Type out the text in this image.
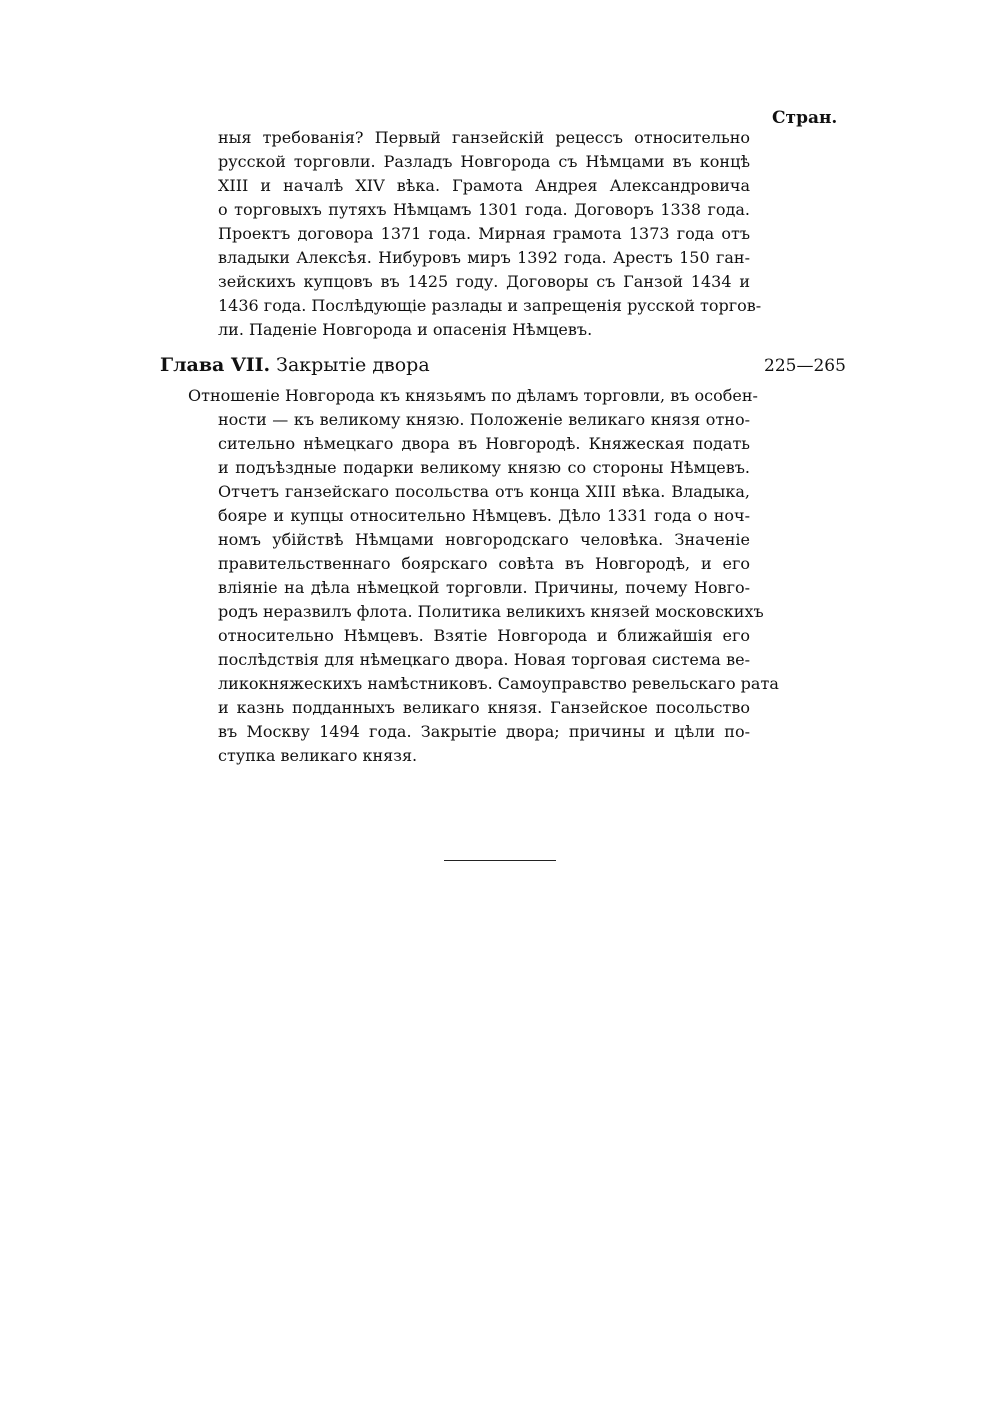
Стран.
ныя требованія? Первый ганзейскій рецессъ относительно
русской торговли. Разладъ Новгорода съ Нѣмцами въ концѣ
XIII и началѣ XIV вѣка. Грамота Андрея Александровича
о торговыхъ путяхъ Нѣмцамъ 1301 года. Договоръ 1338 года.
Проектъ договора 1371 года. Мирная грамота 1373 года отъ
владыки Алексѣя. Нибуровъ миръ 1392 года. Арестъ 150 ган-
зейскихъ купцовъ въ 1425 году. Договоры съ Ганзой 1434 и
1436 года. Послѣдующіе разлады и запрещенія русской торгов-
ли. Паденіе Новгорода и опасенія Нѣмцевъ.
Глава VII. Закрытіе двора	225—265
Отношеніе Новгорода къ князьямъ по дѣламъ торговли, въ особен-
ности — къ великому князю. Положеніе великаго князя отно-
сительно нѣмецкаго двора въ Новгородѣ. Княжеская подать
и подъѣздные подарки великому князю со стороны Нѣмцевъ.
Отчетъ ганзейскаго посольства отъ конца XIII вѣка. Владыка,
бояре и купцы относительно Нѣмцевъ. Дѣло 1331 года о ноч-
номъ убійствѣ Нѣмцами новгородскаго человѣка. Значеніе
правительственнаго боярскаго совѣта въ Новгородѣ, и его
вліяніе на дѣла нѣмецкой торговли. Причины, почему Новго-
родъ неразвилъ флота. Политика великихъ князей московскихъ
относительно Нѣмцевъ. Взятіе Новгорода и ближайшія его
послѣдствія для нѣмецкаго двора. Новая торговая система ве-
ликокняжескихъ намѣстниковъ. Самоуправство ревельскаго рата
и казнь подданныхъ великаго князя. Ганзейское посольство
въ Москву 1494 года. Закрытіе двора; причины и цѣли по-
ступка великаго князя.
